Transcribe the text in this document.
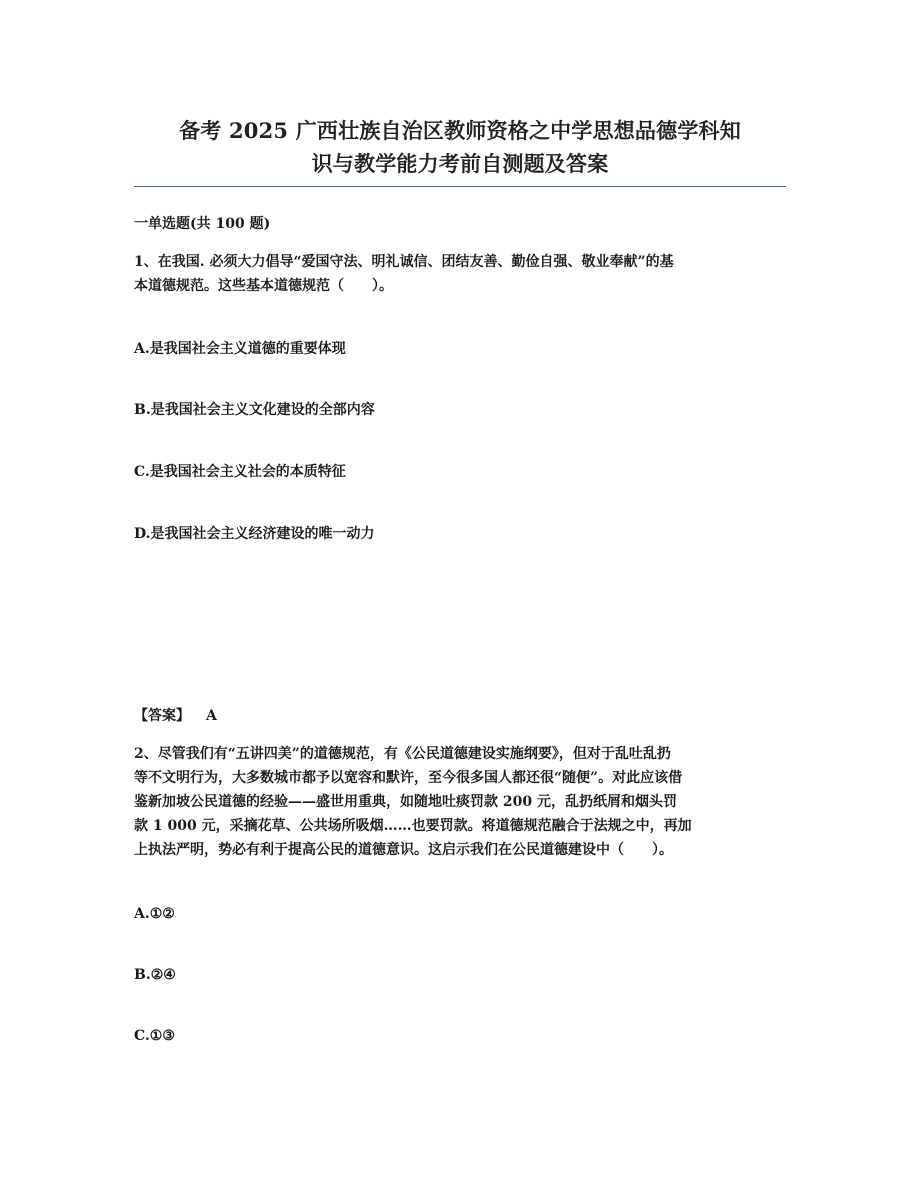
备考 2025 广西壮族自治区教师资格之中学思想品德学科知
识与教学能力考前自测题及答案
一单选题(共 100 题)
1、在我国. 必须大力倡导“爱国守法、明礼诚信、团结友善、勤俭自强、敬业奉献”的基
本道德规范。这些基本道德规范（　　）。
A.是我国社会主义道德的重要体现
B.是我国社会主义文化建设的全部内容
C.是我国社会主义社会的本质特征
D.是我国社会主义经济建设的唯一动力
【答案】 A
2、尽管我们有“五讲四美”的道德规范，有《公民道德建设实施纲要》，但对于乱吐乱扔
等不文明行为，大多数城市都予以宽容和默许，至今很多国人都还很“随便”。对此应该借
鉴新加坡公民道德的经验——盛世用重典，如随地吐痰罚款 200 元，乱扔纸屑和烟头罚
款 1 000 元，采摘花草、公共场所吸烟……也要罚款。将道德规范融合于法规之中，再加
上执法严明，势必有利于提高公民的道德意识。这启示我们在公民道德建设中（　　）。
A.①②
B.②④
C.①③
